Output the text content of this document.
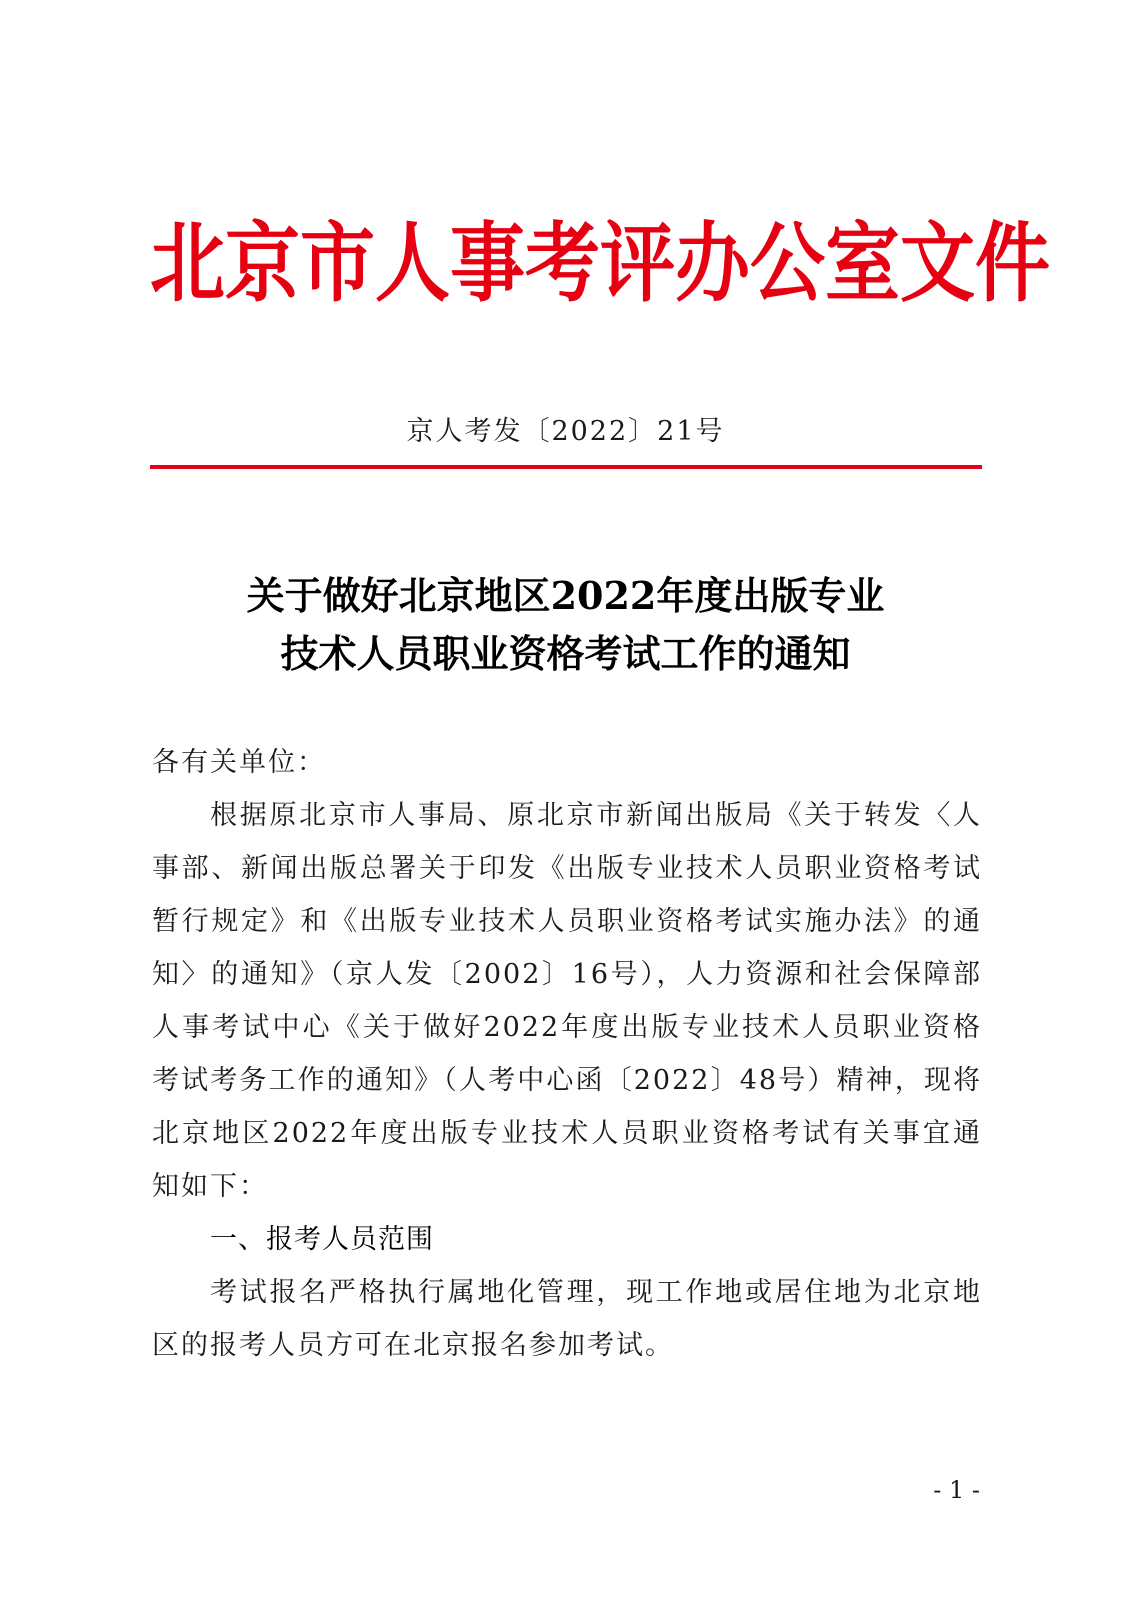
北京市人事考评办公室文件
京人考发〔2022〕21号
关于做好北京地区2022年度出版专业
技术人员职业资格考试工作的通知

各有关单位：

根据原北京市人事局、原北京市新闻出版局《关于转发〈人事部、新闻出版总署关于印发《出版专业技术人员职业资格考试暂行规定》和《出版专业技术人员职业资格考试实施办法》的通知〉的通知》（京人发〔2002〕16号），人力资源和社会保障部人事考试中心《关于做好2022年度出版专业技术人员职业资格考试考务工作的通知》（人考中心函〔2022〕48号）精神，现将北京地区2022年度出版专业技术人员职业资格考试有关事宜通知如下：

一、报考人员范围

考试报名严格执行属地化管理，现工作地或居住地为北京地区的报考人员方可在北京报名参加考试。

- 1 -
